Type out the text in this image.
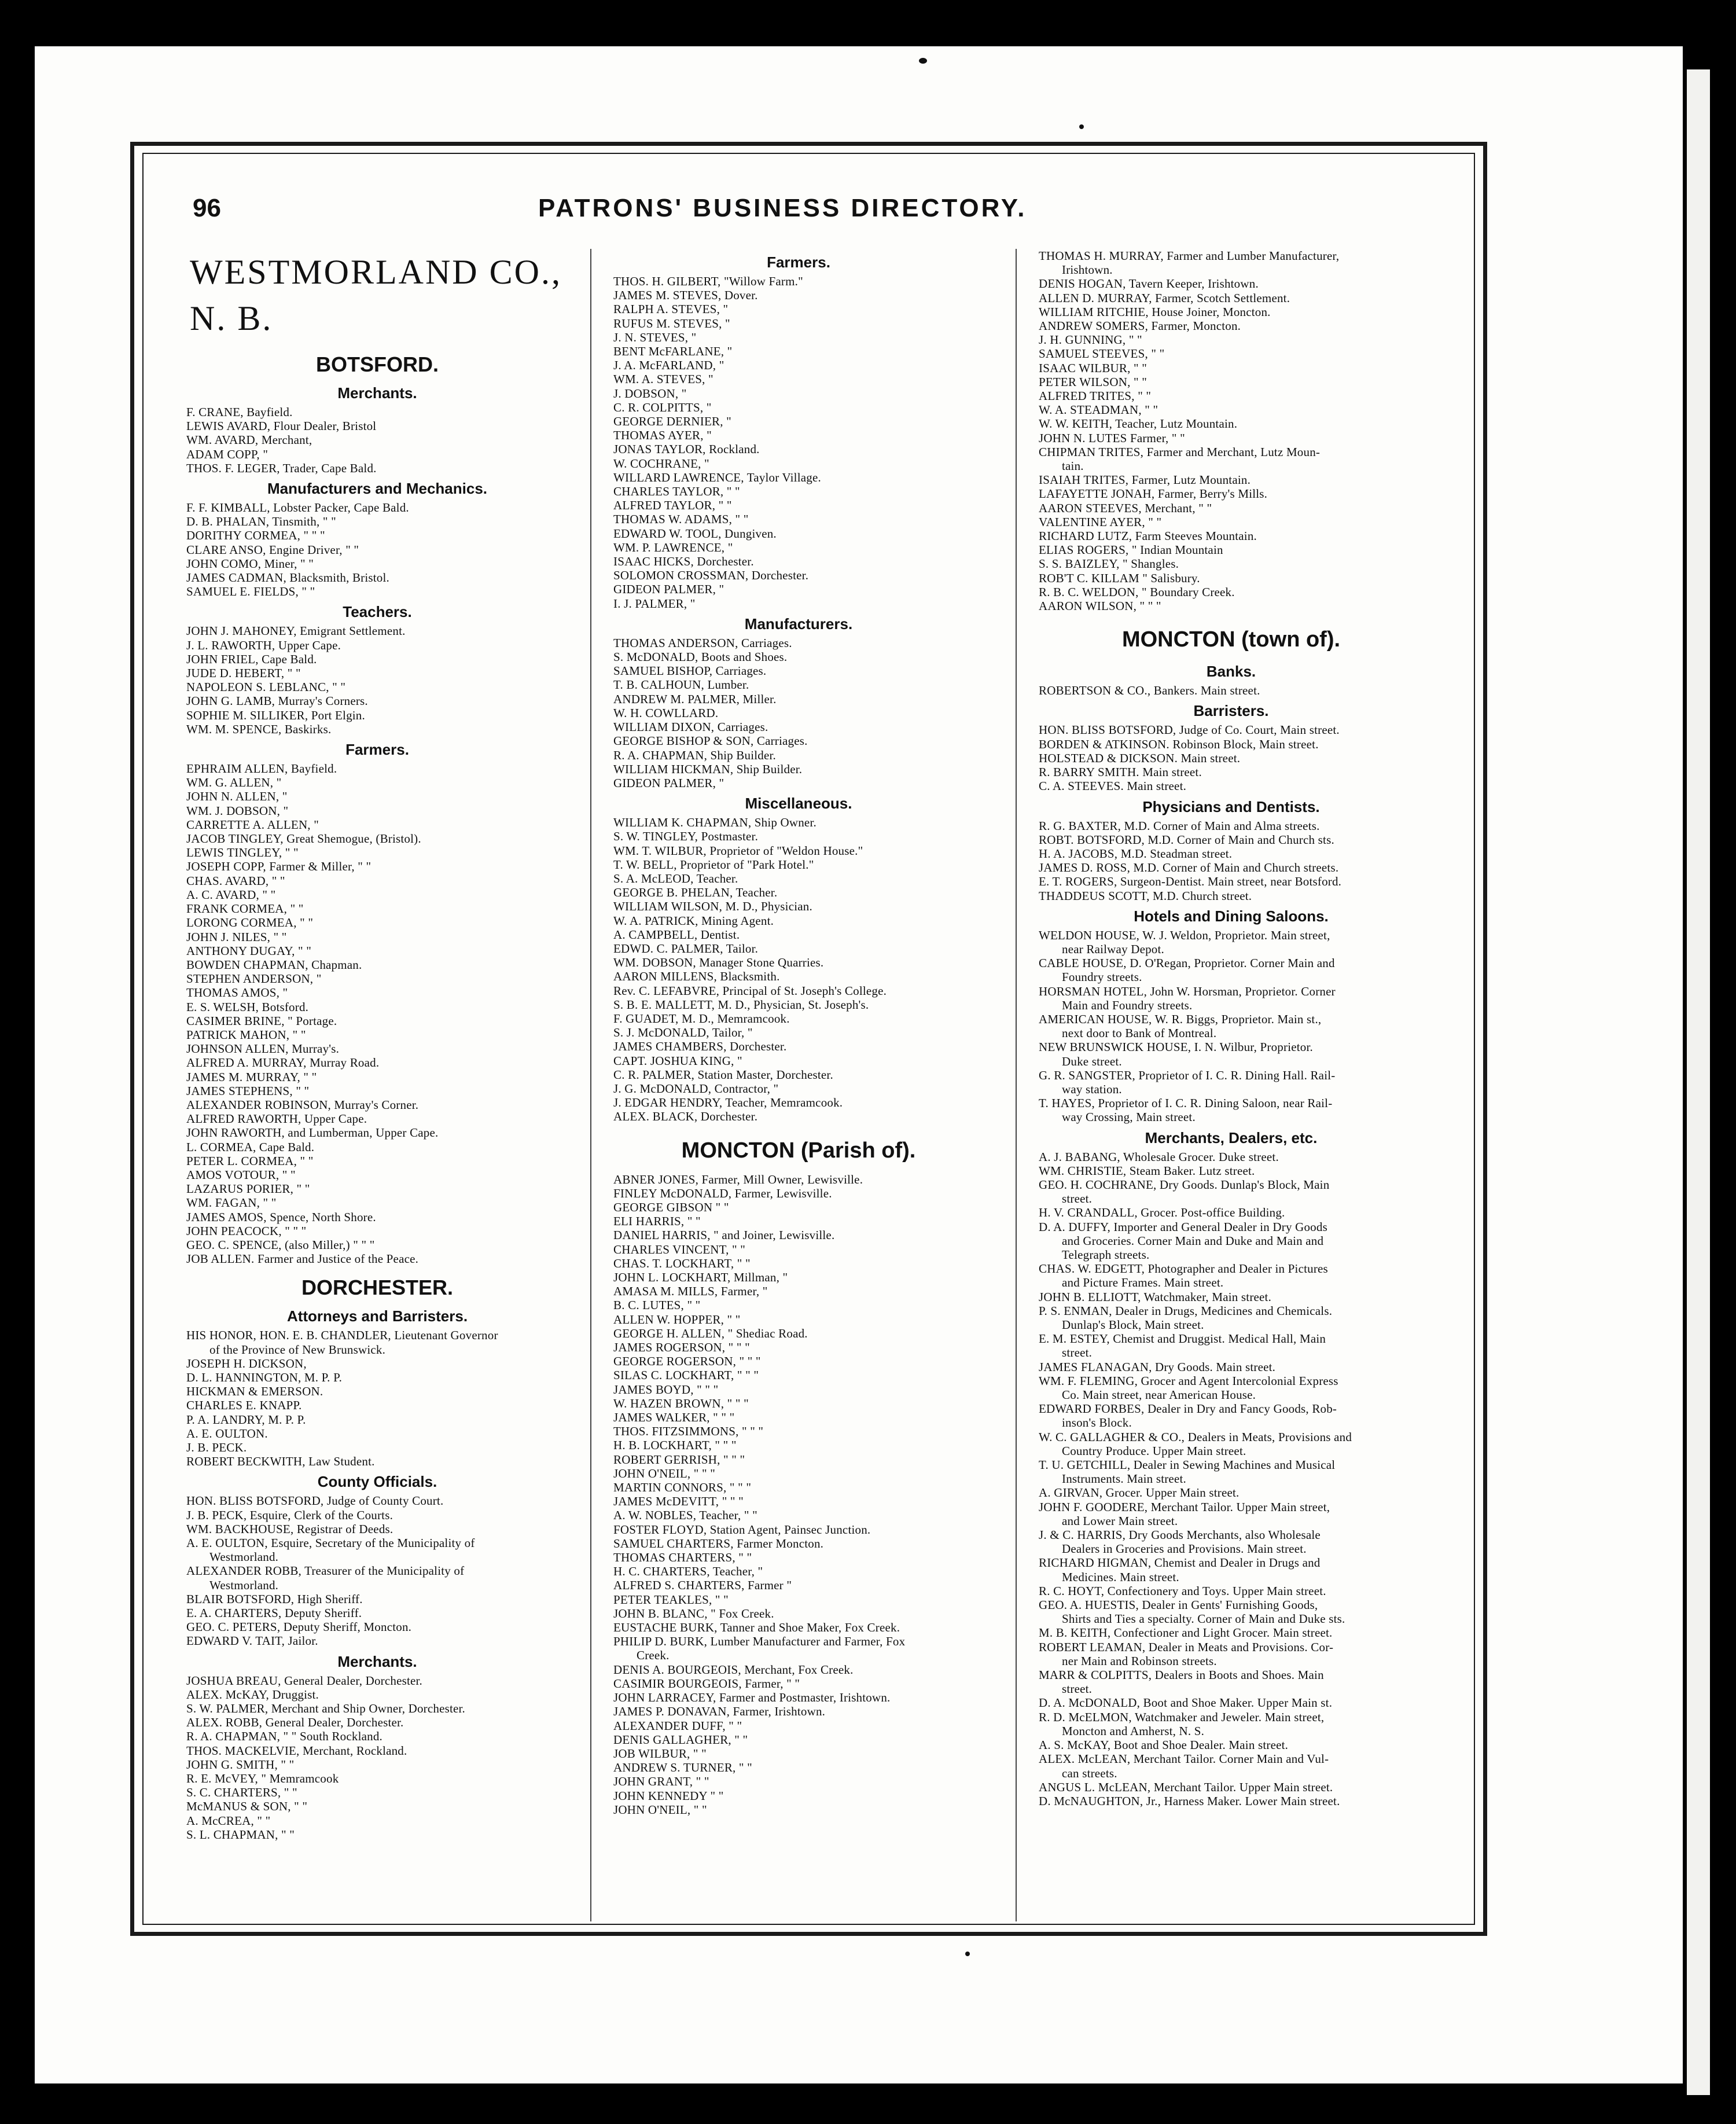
96	PATRONS' BUSINESS DIRECTORY.
WESTMORLAND CO., N. B.
BOTSFORD.
Merchants.
F. CRANE, Bayfield.
LEWIS AVARD, Flour Dealer, Bristol
WM. AVARD, Merchant,
ADAM COPP, "
THOS. F. LEGER, Trader, Cape Bald.
Manufacturers and Mechanics.
F. F. KIMBALL, Lobster Packer, Cape Bald.
D. B. PHALAN, Tinsmith, " "
DORITHY CORMEA, " " "
CLARE ANSO, Engine Driver, " "
JOHN COMO, Miner, " "
JAMES CADMAN, Blacksmith, Bristol.
SAMUEL E. FIELDS, " "
Teachers.
JOHN J. MAHONEY, Emigrant Settlement.
J. L. RAWORTH, Upper Cape.
JOHN FRIEL, Cape Bald.
JUDE D. HEBERT, " "
NAPOLEON S. LEBLANC, " "
JOHN G. LAMB, Murray's Corners.
SOPHIE M. SILLIKER, Port Elgin.
WM. M. SPENCE, Baskirks.
Farmers.
EPHRAIM ALLEN, Bayfield.
WM. G. ALLEN, "
JOHN N. ALLEN, "
WM. J. DOBSON, "
CARRETTE A. ALLEN, "
JACOB TINGLEY, Great Shemogue, (Bristol).
LEWIS TINGLEY, " "
JOSEPH COPP, Farmer & Miller, " "
CHAS. AVARD, " "
A. C. AVARD, " "
FRANK CORMEA, " "
LORONG CORMEA, " "
JOHN J. NILES, " "
ANTHONY DUGAY, " "
BOWDEN CHAPMAN, Chapman.
STEPHEN ANDERSON, "
THOMAS AMOS, "
E. S. WELSH, Botsford.
CASIMER BRINE, " Portage.
PATRICK MAHON, " "
JOHNSON ALLEN, Murray's.
ALFRED A. MURRAY, Murray Road.
JAMES M. MURRAY, " "
JAMES STEPHENS, " "
ALEXANDER ROBINSON, Murray's Corner.
ALFRED RAWORTH, Upper Cape.
JOHN RAWORTH, and Lumberman, Upper Cape.
L. CORMEA, Cape Bald.
PETER L. CORMEA, " "
AMOS VOTOUR, " "
LAZARUS PORIER, " "
WM. FAGAN, " "
JAMES AMOS, Spence, North Shore.
JOHN PEACOCK, " " "
GEO. C. SPENCE, (also Miller,) " " "
JOB ALLEN. Farmer and Justice of the Peace.
DORCHESTER.
Attorneys and Barristers.
HIS HONOR, HON. E. B. CHANDLER, Lieutenant Governor
of the Province of New Brunswick.
JOSEPH H. DICKSON,
D. L. HANNINGTON, M. P. P.
HICKMAN & EMERSON.
CHARLES E. KNAPP.
P. A. LANDRY, M. P. P.
A. E. OULTON.
J. B. PECK.
ROBERT BECKWITH, Law Student.
County Officials.
HON. BLISS BOTSFORD, Judge of County Court.
J. B. PECK, Esquire, Clerk of the Courts.
WM. BACKHOUSE, Registrar of Deeds.
A. E. OULTON, Esquire, Secretary of the Municipality of
Westmorland.
ALEXANDER ROBB, Treasurer of the Municipality of
Westmorland.
BLAIR BOTSFORD, High Sheriff.
E. A. CHARTERS, Deputy Sheriff.
GEO. C. PETERS, Deputy Sheriff, Moncton.
EDWARD V. TAIT, Jailor.
Merchants.
JOSHUA BREAU, General Dealer, Dorchester.
ALEX. McKAY, Druggist.
S. W. PALMER, Merchant and Ship Owner, Dorchester.
ALEX. ROBB, General Dealer, Dorchester.
R. A. CHAPMAN, " " South Rockland.
THOS. MACKELVIE, Merchant, Rockland.
JOHN G. SMITH, " "
R. E. McVEY, " Memramcook
S. C. CHARTERS, " "
McMANUS & SON, " "
A. McCREA, " "
S. L. CHAPMAN, " "
Farmers.
THOS. H. GILBERT, "Willow Farm."
JAMES M. STEVES, Dover.
RALPH A. STEVES, "
RUFUS M. STEVES, "
J. N. STEVES, "
BENT McFARLANE, "
J. A. McFARLAND, "
WM. A. STEVES, "
J. DOBSON, "
C. R. COLPITTS, "
GEORGE DERNIER, "
THOMAS AYER, "
JONAS TAYLOR, Rockland.
W. COCHRANE, "
WILLARD LAWRENCE, Taylor Village.
CHARLES TAYLOR, " "
ALFRED TAYLOR, " "
THOMAS W. ADAMS, " "
EDWARD W. TOOL, Dungiven.
WM. P. LAWRENCE, "
ISAAC HICKS, Dorchester.
SOLOMON CROSSMAN, Dorchester.
GIDEON PALMER, "
I. J. PALMER, "
Manufacturers.
THOMAS ANDERSON, Carriages.
S. McDONALD, Boots and Shoes.
SAMUEL BISHOP, Carriages.
T. B. CALHOUN, Lumber.
ANDREW M. PALMER, Miller.
W. H. COWLLARD.
WILLIAM DIXON, Carriages.
GEORGE BISHOP & SON, Carriages.
R. A. CHAPMAN, Ship Builder.
WILLIAM HICKMAN, Ship Builder.
GIDEON PALMER, "
Miscellaneous.
WILLIAM K. CHAPMAN, Ship Owner.
S. W. TINGLEY, Postmaster.
WM. T. WILBUR, Proprietor of "Weldon House."
T. W. BELL, Proprietor of "Park Hotel."
S. A. McLEOD, Teacher.
GEORGE B. PHELAN, Teacher.
WILLIAM WILSON, M. D., Physician.
W. A. PATRICK, Mining Agent.
A. CAMPBELL, Dentist.
EDWD. C. PALMER, Tailor.
WM. DOBSON, Manager Stone Quarries.
AARON MILLENS, Blacksmith.
Rev. C. LEFABVRE, Principal of St. Joseph's College.
S. B. E. MALLETT, M. D., Physician, St. Joseph's.
F. GUADET, M. D., Memramcook.
S. J. McDONALD, Tailor, "
JAMES CHAMBERS, Dorchester.
CAPT. JOSHUA KING, "
C. R. PALMER, Station Master, Dorchester.
J. G. McDONALD, Contractor, "
J. EDGAR HENDRY, Teacher, Memramcook.
ALEX. BLACK, Dorchester.
MONCTON (Parish of).
ABNER JONES, Farmer, Mill Owner, Lewisville.
FINLEY McDONALD, Farmer, Lewisville.
GEORGE GIBSON " "
ELI HARRIS, " "
DANIEL HARRIS, " and Joiner, Lewisville.
CHARLES VINCENT, " "
CHAS. T. LOCKHART, " "
JOHN L. LOCKHART, Millman, "
AMASA M. MILLS, Farmer, "
B. C. LUTES, " "
ALLEN W. HOPPER, " "
GEORGE H. ALLEN, " Shediac Road.
JAMES ROGERSON, " " "
GEORGE ROGERSON, " " "
SILAS C. LOCKHART, " " "
JAMES BOYD, " " "
W. HAZEN BROWN, " " "
JAMES WALKER, " " "
THOS. FITZSIMMONS, " " "
H. B. LOCKHART, " " "
ROBERT GERRISH, " " "
JOHN O'NEIL, " " "
MARTIN CONNORS, " " "
JAMES McDEVITT, " " "
A. W. NOBLES, Teacher, " "
FOSTER FLOYD, Station Agent, Painsec Junction.
SAMUEL CHARTERS, Farmer Moncton.
THOMAS CHARTERS, " "
H. C. CHARTERS, Teacher, "
ALFRED S. CHARTERS, Farmer "
PETER TEAKLES, " "
JOHN B. BLANC, " Fox Creek.
EUSTACHE BURK, Tanner and Shoe Maker, Fox Creek.
PHILIP D. BURK, Lumber Manufacturer and Farmer, Fox
Creek.
DENIS A. BOURGEOIS, Merchant, Fox Creek.
CASIMIR BOURGEOIS, Farmer, " "
JOHN LARRACEY, Farmer and Postmaster, Irishtown.
JAMES P. DONAVAN, Farmer, Irishtown.
ALEXANDER DUFF, " "
DENIS GALLAGHER, " "
JOB WILBUR, " "
ANDREW S. TURNER, " "
JOHN GRANT, " "
JOHN KENNEDY " "
JOHN O'NEIL, " "
THOMAS H. MURRAY, Farmer and Lumber Manufacturer,
Irishtown.
DENIS HOGAN, Tavern Keeper, Irishtown.
ALLEN D. MURRAY, Farmer, Scotch Settlement.
WILLIAM RITCHIE, House Joiner, Moncton.
ANDREW SOMERS, Farmer, Moncton.
J. H. GUNNING, " "
SAMUEL STEEVES, " "
ISAAC WILBUR, " "
PETER WILSON, " "
ALFRED TRITES, " "
W. A. STEADMAN, " "
W. W. KEITH, Teacher, Lutz Mountain.
JOHN N. LUTES Farmer, " "
CHIPMAN TRITES, Farmer and Merchant, Lutz Moun-
tain.
ISAIAH TRITES, Farmer, Lutz Mountain.
LAFAYETTE JONAH, Farmer, Berry's Mills.
AARON STEEVES, Merchant, " "
VALENTINE AYER, " "
RICHARD LUTZ, Farm Steeves Mountain.
ELIAS ROGERS, " Indian Mountain
S. S. BAIZLEY, " Shangles.
ROB'T C. KILLAM " Salisbury.
R. B. C. WELDON, " Boundary Creek.
AARON WILSON, " " "
MONCTON (town of).
Banks.
ROBERTSON & CO., Bankers. Main street.
Barristers.
HON. BLISS BOTSFORD, Judge of Co. Court, Main street.
BORDEN & ATKINSON. Robinson Block, Main street.
HOLSTEAD & DICKSON. Main street.
R. BARRY SMITH. Main street.
C. A. STEEVES. Main street.
Physicians and Dentists.
R. G. BAXTER, M.D. Corner of Main and Alma streets.
ROBT. BOTSFORD, M.D. Corner of Main and Church sts.
H. A. JACOBS, M.D. Steadman street.
JAMES D. ROSS, M.D. Corner of Main and Church streets.
E. T. ROGERS, Surgeon-Dentist. Main street, near Botsford.
THADDEUS SCOTT, M.D. Church street.
Hotels and Dining Saloons.
WELDON HOUSE, W. J. Weldon, Proprietor. Main street,
near Railway Depot.
CABLE HOUSE, D. O'Regan, Proprietor. Corner Main and
Foundry streets.
HORSMAN HOTEL, John W. Horsman, Proprietor. Corner
Main and Foundry streets.
AMERICAN HOUSE, W. R. Biggs, Proprietor. Main st.,
next door to Bank of Montreal.
NEW BRUNSWICK HOUSE, I. N. Wilbur, Proprietor.
Duke street.
G. R. SANGSTER, Proprietor of I. C. R. Dining Hall. Rail-
way station.
T. HAYES, Proprietor of I. C. R. Dining Saloon, near Rail-
way Crossing, Main street.
Merchants, Dealers, etc.
A. J. BABANG, Wholesale Grocer. Duke street.
WM. CHRISTIE, Steam Baker. Lutz street.
GEO. H. COCHRANE, Dry Goods. Dunlap's Block, Main
street.
H. V. CRANDALL, Grocer. Post-office Building.
D. A. DUFFY, Importer and General Dealer in Dry Goods
and Groceries. Corner Main and Duke and Main and
Telegraph streets.
CHAS. W. EDGETT, Photographer and Dealer in Pictures
and Picture Frames. Main street.
JOHN B. ELLIOTT, Watchmaker, Main street.
P. S. ENMAN, Dealer in Drugs, Medicines and Chemicals.
Dunlap's Block, Main street.
E. M. ESTEY, Chemist and Druggist. Medical Hall, Main
street.
JAMES FLANAGAN, Dry Goods. Main street.
WM. F. FLEMING, Grocer and Agent Intercolonial Express
Co. Main street, near American House.
EDWARD FORBES, Dealer in Dry and Fancy Goods, Rob-
inson's Block.
W. C. GALLAGHER & CO., Dealers in Meats, Provisions and
Country Produce. Upper Main street.
T. U. GETCHILL, Dealer in Sewing Machines and Musical
Instruments. Main street.
A. GIRVAN, Grocer. Upper Main street.
JOHN F. GOODERE, Merchant Tailor. Upper Main street,
and Lower Main street.
J. & C. HARRIS, Dry Goods Merchants, also Wholesale
Dealers in Groceries and Provisions. Main street.
RICHARD HIGMAN, Chemist and Dealer in Drugs and
Medicines. Main street.
R. C. HOYT, Confectionery and Toys. Upper Main street.
GEO. A. HUESTIS, Dealer in Gents' Furnishing Goods,
Shirts and Ties a specialty. Corner of Main and Duke sts.
M. B. KEITH, Confectioner and Light Grocer. Main street.
ROBERT LEAMAN, Dealer in Meats and Provisions. Cor-
ner Main and Robinson streets.
MARR & COLPITTS, Dealers in Boots and Shoes. Main
street.
D. A. McDONALD, Boot and Shoe Maker. Upper Main st.
R. D. McELMON, Watchmaker and Jeweler. Main street,
Moncton and Amherst, N. S.
A. S. McKAY, Boot and Shoe Dealer. Main street.
ALEX. McLEAN, Merchant Tailor. Corner Main and Vul-
can streets.
ANGUS L. McLEAN, Merchant Tailor. Upper Main street.
D. McNAUGHTON, Jr., Harness Maker. Lower Main street.
